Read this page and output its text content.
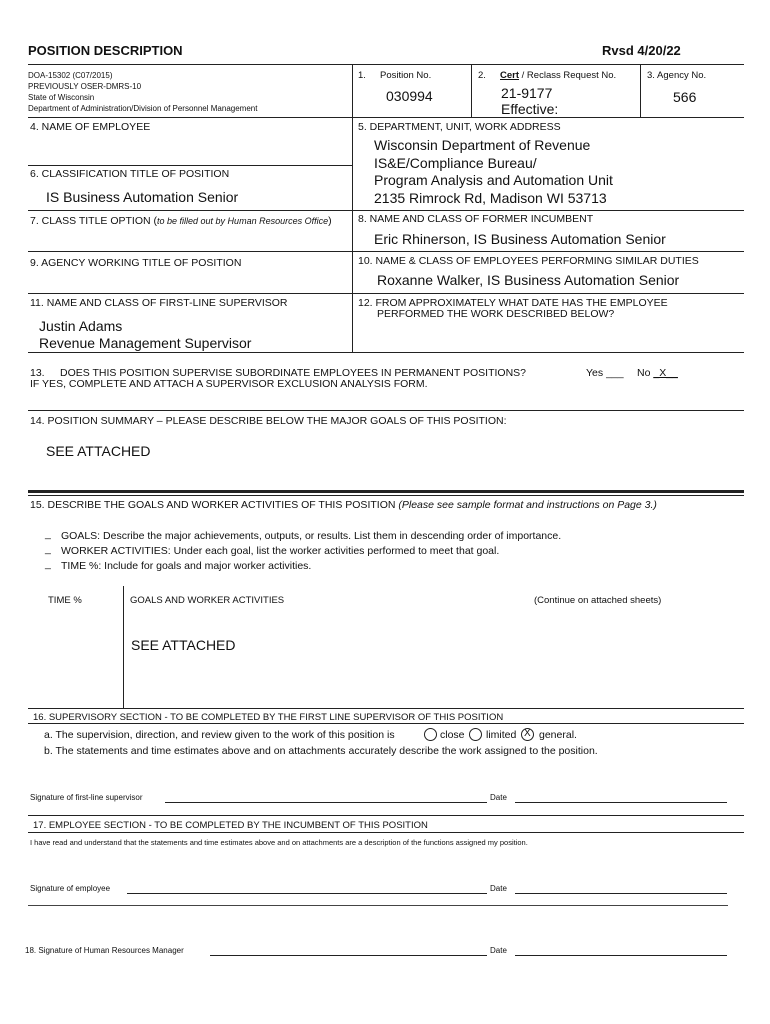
POSITION DESCRIPTION	Rvsd 4/20/22
DOA-15302 (C07/2015)
PREVIOUSLY OSER-DMRS-10
State of Wisconsin
Department of Administration/Division of Personnel Management
1. Position No.
030994
2. Cert / Reclass Request No.
21-9177
Effective:
3. Agency No.
566
4. NAME OF EMPLOYEE	5. DEPARTMENT, UNIT, WORK ADDRESS
Wisconsin Department of Revenue
IS&E/Compliance Bureau/
Program Analysis and Automation Unit
2135 Rimrock Rd, Madison WI 53713
6. CLASSIFICATION TITLE OF POSITION
IS Business Automation Senior
7. CLASS TITLE OPTION (to be filled out by Human Resources Office)	8. NAME AND CLASS OF FORMER INCUMBENT
Eric Rhinerson, IS Business Automation Senior
9. AGENCY WORKING TITLE OF POSITION	10. NAME & CLASS OF EMPLOYEES PERFORMING SIMILAR DUTIES
Roxanne Walker, IS Business Automation Senior
11. NAME AND CLASS OF FIRST-LINE SUPERVISOR
Justin Adams
Revenue Management Supervisor
12. FROM APPROXIMATELY WHAT DATE HAS THE EMPLOYEE
PERFORMED THE WORK DESCRIBED BELOW?
13. DOES THIS POSITION SUPERVISE SUBORDINATE EMPLOYEES IN PERMANENT POSITIONS?
IF YES, COMPLETE AND ATTACH A SUPERVISOR EXCLUSION ANALYSIS FORM.
Yes ___ No _X__
14. POSITION SUMMARY – PLEASE DESCRIBE BELOW THE MAJOR GOALS OF THIS POSITION:
SEE ATTACHED
15. DESCRIBE THE GOALS AND WORKER ACTIVITIES OF THIS POSITION (Please see sample format and instructions on Page 3.)
_ GOALS: Describe the major achievements, outputs, or results. List them in descending order of importance.
_ WORKER ACTIVITIES: Under each goal, list the worker activities performed to meet that goal.
_ TIME %: Include for goals and major worker activities.
TIME %	GOALS AND WORKER ACTIVITIES	(Continue on attached sheets)
SEE ATTACHED
16. SUPERVISORY SECTION - TO BE COMPLETED BY THE FIRST LINE SUPERVISOR OF THIS POSITION
a. The supervision, direction, and review given to the work of this position is	close limited
X general.
b. The statements and time estimates above and on attachments accurately describe the work assigned to the position.
Signature of first-line supervisor	Date
17. EMPLOYEE SECTION - TO BE COMPLETED BY THE INCUMBENT OF THIS POSITION
I have read and understand that the statements and time estimates above and on attachments are a description of the functions assigned my position.
Signature of employee	Date
18. Signature of Human Resources Manager	Date
